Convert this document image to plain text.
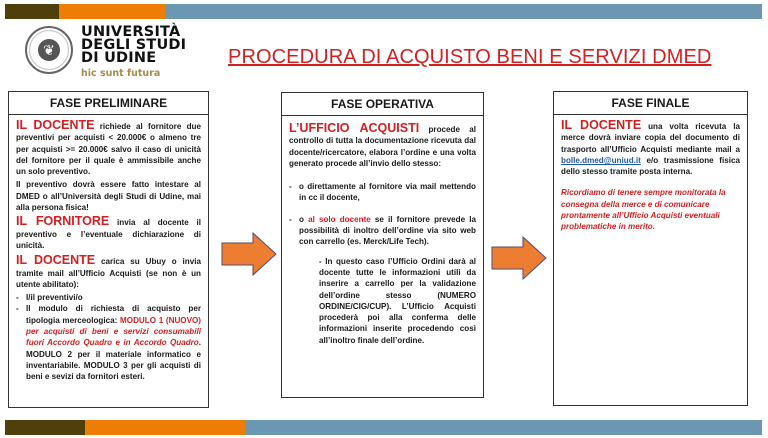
❦
UNIVERSITÀ
DEGLI STUDI
DI UDINE
hic sunt futura
PROCEDURA DI ACQUISTO BENI E SERVIZI DMED
IL DOCENTE richiede al fornitore due preventivi per acquisti < 20.000€ o almeno tre per acquisti >= 20.000€ salvo il caso di unicità del fornitore per il quale è ammissibile anche un solo preventivo.
Il preventivo dovrà essere fatto intestare al DMED o all’Università degli Studi di Udine, mai alla persona fisica!
IL FORNITORE invia al docente il preventivo e l’eventuale dichiarazione di unicità.
IL DOCENTE carica su Ubuy o invia tramite mail all’Ufficio Acquisti (se non è un utente abilitato):
- I/il preventivi/o
- Il modulo di richiesta di acquisto per tipologia merceologica: MODULO 1 (NUOVO) per acquisti di beni e servizi consumabili fuori Accordo Quadro e in Accordo Quadro. MODULO 2 per il materiale informatico e inventariabile. MODULO 3 per gli acquisti di beni e sevizi da fornitori esteri.
FASE PRELIMINARE
L’UFFICIO ACQUISTI procede al controllo di tutta la documentazione ricevuta dal docente/ricercatore, elabora l’ordine e una volta generato procede all’invio dello stesso:
- o direttamente al fornitore via mail mettendo in cc il docente,
- o al solo docente se il fornitore prevede la possibilità di inoltro dell’ordine via sito web con carrello (es. Merck/Life Tech).
- In questo caso l’Ufficio Ordini darà al docente tutte le informazioni utili da inserire a carrello per la validazione dell’ordine stesso (NUMERO ORDINE/CIG/CUP). L’Ufficio Acquisti procederà poi alla conferma delle informazioni inserite procedendo così all’inoltro finale dell’ordine.
FASE OPERATIVA
IL DOCENTE una volta ricevuta la merce dovrà inviare copia del documento di trasporto all’Ufficio Acquisti mediante mail a bolle.dmed@uniud.it e/o trasmissione fisica dello stesso tramite posta interna.
Ricordiamo di tenere sempre monitorata la consegna della merce e di comunicare prontamente all’Ufficio Acquisti eventuali problematiche in merito.
FASE FINALE
